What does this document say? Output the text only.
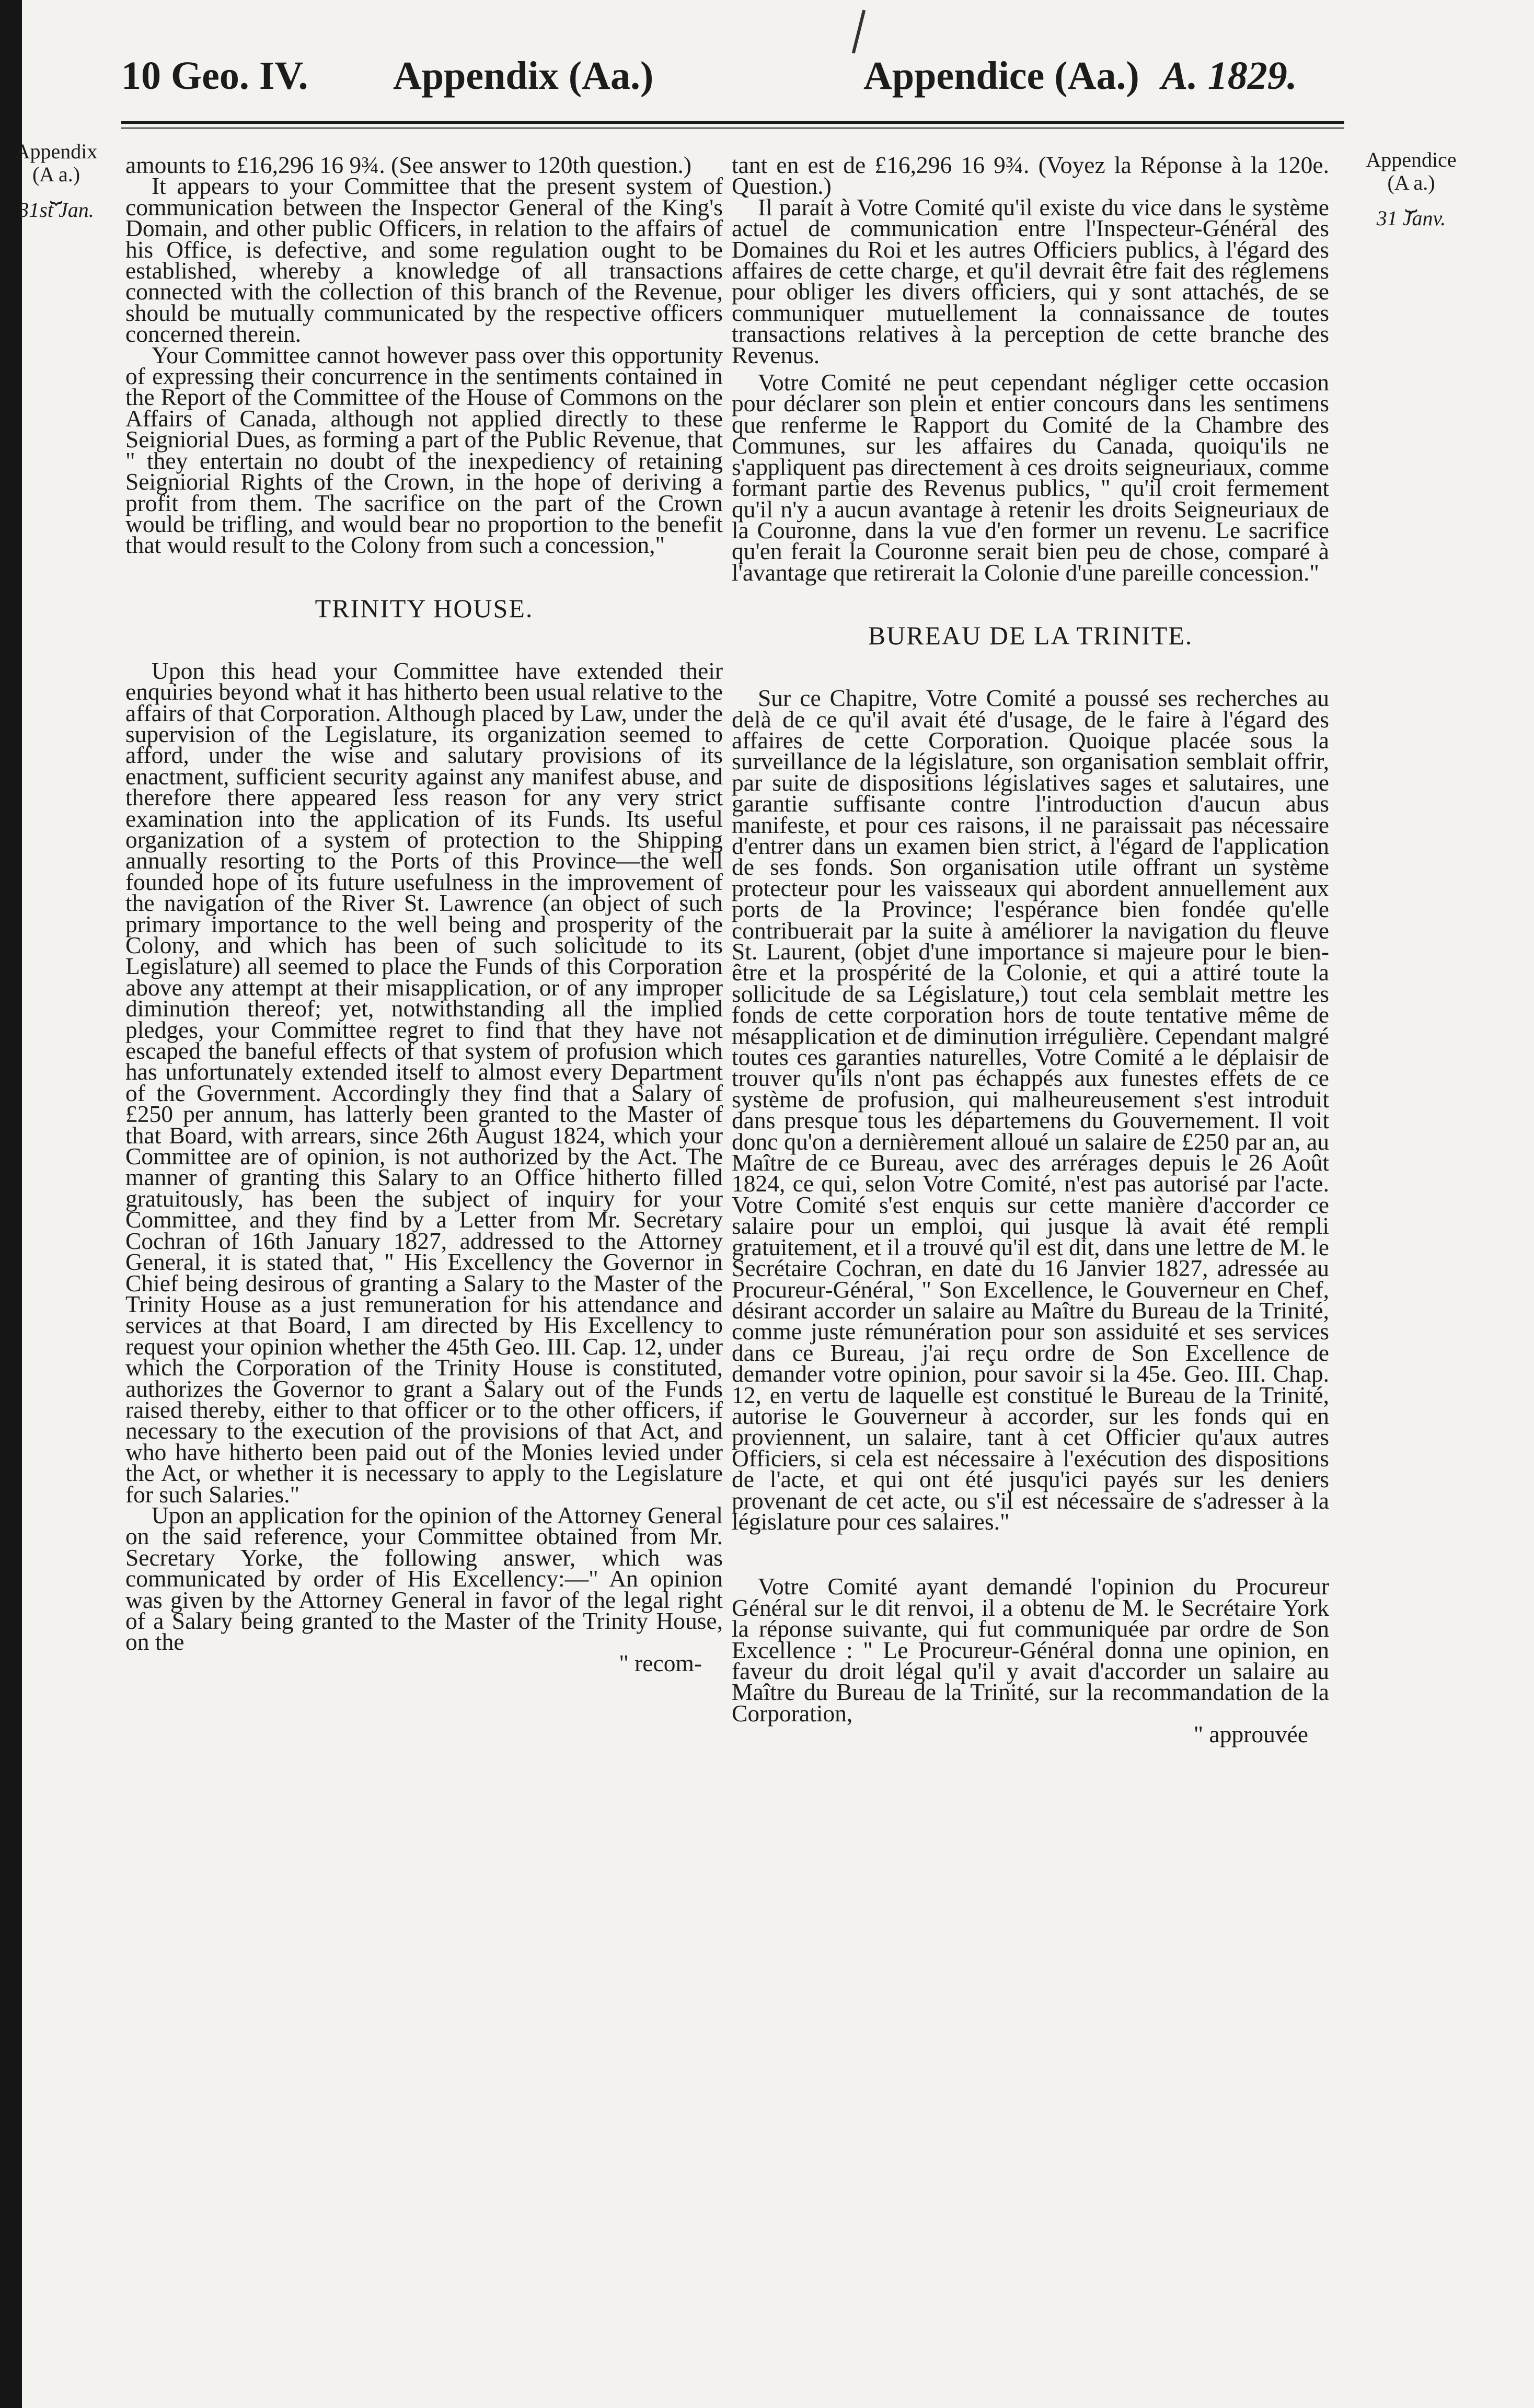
10 Geo. IV. Appendix (Aa.)	Appendice (Aa.) A. 1829.
Appendix
(A a.)
⏟
31st Jan.
Appendice
(A a.)
⏟
31 Janv.

amounts to £16,296 16 9¾. (See answer to 120th question.)

It appears to your Committee that the present system of communication between the Inspector General of the King's Domain, and other public Officers, in relation to the affairs of his Office, is defective, and some regulation ought to be established, whereby a knowledge of all transactions connected with the collection of this branch of the Revenue, should be mutually communicated by the respective officers concerned therein.

Your Committee cannot however pass over this opportunity of expressing their concurrence in the sentiments contained in the Report of the Committee of the House of Commons on the Affairs of Canada, although not applied directly to these Seigniorial Dues, as forming a part of the Public Revenue, that " they entertain no doubt of the inexpediency of retaining Seigniorial Rights of the Crown, in the hope of deriving a profit from them. The sacrifice on the part of the Crown would be trifling, and would bear no proportion to the benefit that would result to the Colony from such a concession,"

TRINITY HOUSE.

Upon this head your Committee have extended their enquiries beyond what it has hitherto been usual relative to the affairs of that Corporation. Although placed by Law, under the supervision of the Legislature, its organization seemed to afford, under the wise and salutary provisions of its enactment, sufficient security against any manifest abuse, and therefore there appeared less reason for any very strict examination into the application of its Funds. Its useful organization of a system of protection to the Shipping annually resorting to the Ports of this Province—the well founded hope of its future usefulness in the improvement of the navigation of the River St. Lawrence (an object of such primary importance to the well being and prosperity of the Colony, and which has been of such solicitude to its Legislature) all seemed to place the Funds of this Corporation above any attempt at their misapplication, or of any improper diminution thereof; yet, notwithstanding all the implied pledges, your Committee regret to find that they have not escaped the baneful effects of that system of profusion which has unfortunately extended itself to almost every Department of the Government. Accordingly they find that a Salary of £250 per annum, has latterly been granted to the Master of that Board, with arrears, since 26th August 1824, which your Committee are of opinion, is not authorized by the Act. The manner of granting this Salary to an Office hitherto filled gratuitously, has been the subject of inquiry for your Committee, and they find by a Letter from Mr. Secretary Cochran of 16th January 1827, addressed to the Attorney General, it is stated that, " His Excellency the Governor in Chief being desirous of granting a Salary to the Master of the Trinity House as a just remuneration for his attendance and services at that Board, I am directed by His Excellency to request your opinion whether the 45th Geo. III. Cap. 12, under which the Corporation of the Trinity House is constituted, authorizes the Governor to grant a Salary out of the Funds raised thereby, either to that officer or to the other officers, if necessary to the execution of the provisions of that Act, and who have hitherto been paid out of the Monies levied under the Act, or whether it is necessary to apply to the Legislature for such Salaries."

Upon an application for the opinion of the Attorney General on the said reference, your Committee obtained from Mr. Secretary Yorke, the following answer, which was communicated by order of His Excellency:—" An opinion was given by the Attorney General in favor of the legal right of a Salary being granted to the Master of the Trinity House, on the

" recom-

tant en est de £16,296 16 9¾. (Voyez la Réponse à la 120e. Question.)

Il parait à Votre Comité qu'il existe du vice dans le système actuel de communication entre l'Inspecteur-Général des Domaines du Roi et les autres Officiers publics, à l'égard des affaires de cette charge, et qu'il devrait être fait des réglemens pour obliger les divers officiers, qui y sont attachés, de se communiquer mutuellement la connaissance de toutes transactions relatives à la perception de cette branche des Revenus.

Votre Comité ne peut cependant négliger cette occasion pour déclarer son plein et entier concours dans les sentimens que renferme le Rapport du Comité de la Chambre des Communes, sur les affaires du Canada, quoiqu'ils ne s'appliquent pas directement à ces droits seigneuriaux, comme formant partie des Revenus publics, " qu'il croit fermement qu'il n'y a aucun avantage à retenir les droits Seigneuriaux de la Couronne, dans la vue d'en former un revenu. Le sacrifice qu'en ferait la Couronne serait bien peu de chose, comparé à l'avantage que retirerait la Colonie d'une pareille concession."

BUREAU DE LA TRINITE.

Sur ce Chapitre, Votre Comité a poussé ses recherches au delà de ce qu'il avait été d'usage, de le faire à l'égard des affaires de cette Corporation. Quoique placée sous la surveillance de la législature, son organisation semblait offrir, par suite de dispositions législatives sages et salutaires, une garantie suffisante contre l'introduction d'aucun abus manifeste, et pour ces raisons, il ne paraissait pas nécessaire d'entrer dans un examen bien strict, à l'égard de l'application de ses fonds. Son organisation utile offrant un système protecteur pour les vaisseaux qui abordent annuellement aux ports de la Province; l'espérance bien fondée qu'elle contribuerait par la suite à améliorer la navigation du fleuve St. Laurent, (objet d'une importance si majeure pour le bien-être et la prospérité de la Colonie, et qui a attiré toute la sollicitude de sa Législature,) tout cela semblait mettre les fonds de cette corporation hors de toute tentative même de mésapplication et de diminution irrégulière. Cependant malgré toutes ces garanties naturelles, Votre Comité a le déplaisir de trouver qu'ils n'ont pas échappés aux funestes effets de ce système de profusion, qui malheureusement s'est introduit dans presque tous les départemens du Gouvernement. Il voit donc qu'on a dernièrement alloué un salaire de £250 par an, au Maître de ce Bureau, avec des arrérages depuis le 26 Août 1824, ce qui, selon Votre Comité, n'est pas autorisé par l'acte. Votre Comité s'est enquis sur cette manière d'accorder ce salaire pour un emploi, qui jusque là avait été rempli gratuitement, et il a trouvé qu'il est dit, dans une lettre de M. le Secrétaire Cochran, en date du 16 Janvier 1827, adressée au Procureur-Général, " Son Excellence, le Gouverneur en Chef, désirant accorder un salaire au Maître du Bureau de la Trinité, comme juste rémunération pour son assiduité et ses services dans ce Bureau, j'ai reçu ordre de Son Excellence de demander votre opinion, pour savoir si la 45e. Geo. III. Chap. 12, en vertu de laquelle est constitué le Bureau de la Trinité, autorise le Gouverneur à accorder, sur les fonds qui en proviennent, un salaire, tant à cet Officier qu'aux autres Officiers, si cela est nécessaire à l'exécution des dispositions de l'acte, et qui ont été jusqu'ici payés sur les deniers provenant de cet acte, ou s'il est nécessaire de s'adresser à la législature pour ces salaires."

Votre Comité ayant demandé l'opinion du Procureur Général sur le dit renvoi, il a obtenu de M. le Secrétaire York la réponse suivante, qui fut communiquée par ordre de Son Excellence : " Le Procureur-Général donna une opinion, en faveur du droit légal qu'il y avait d'accorder un salaire au Maître du Bureau de la Trinité, sur la recommandation de la Corporation,

" approuvée
